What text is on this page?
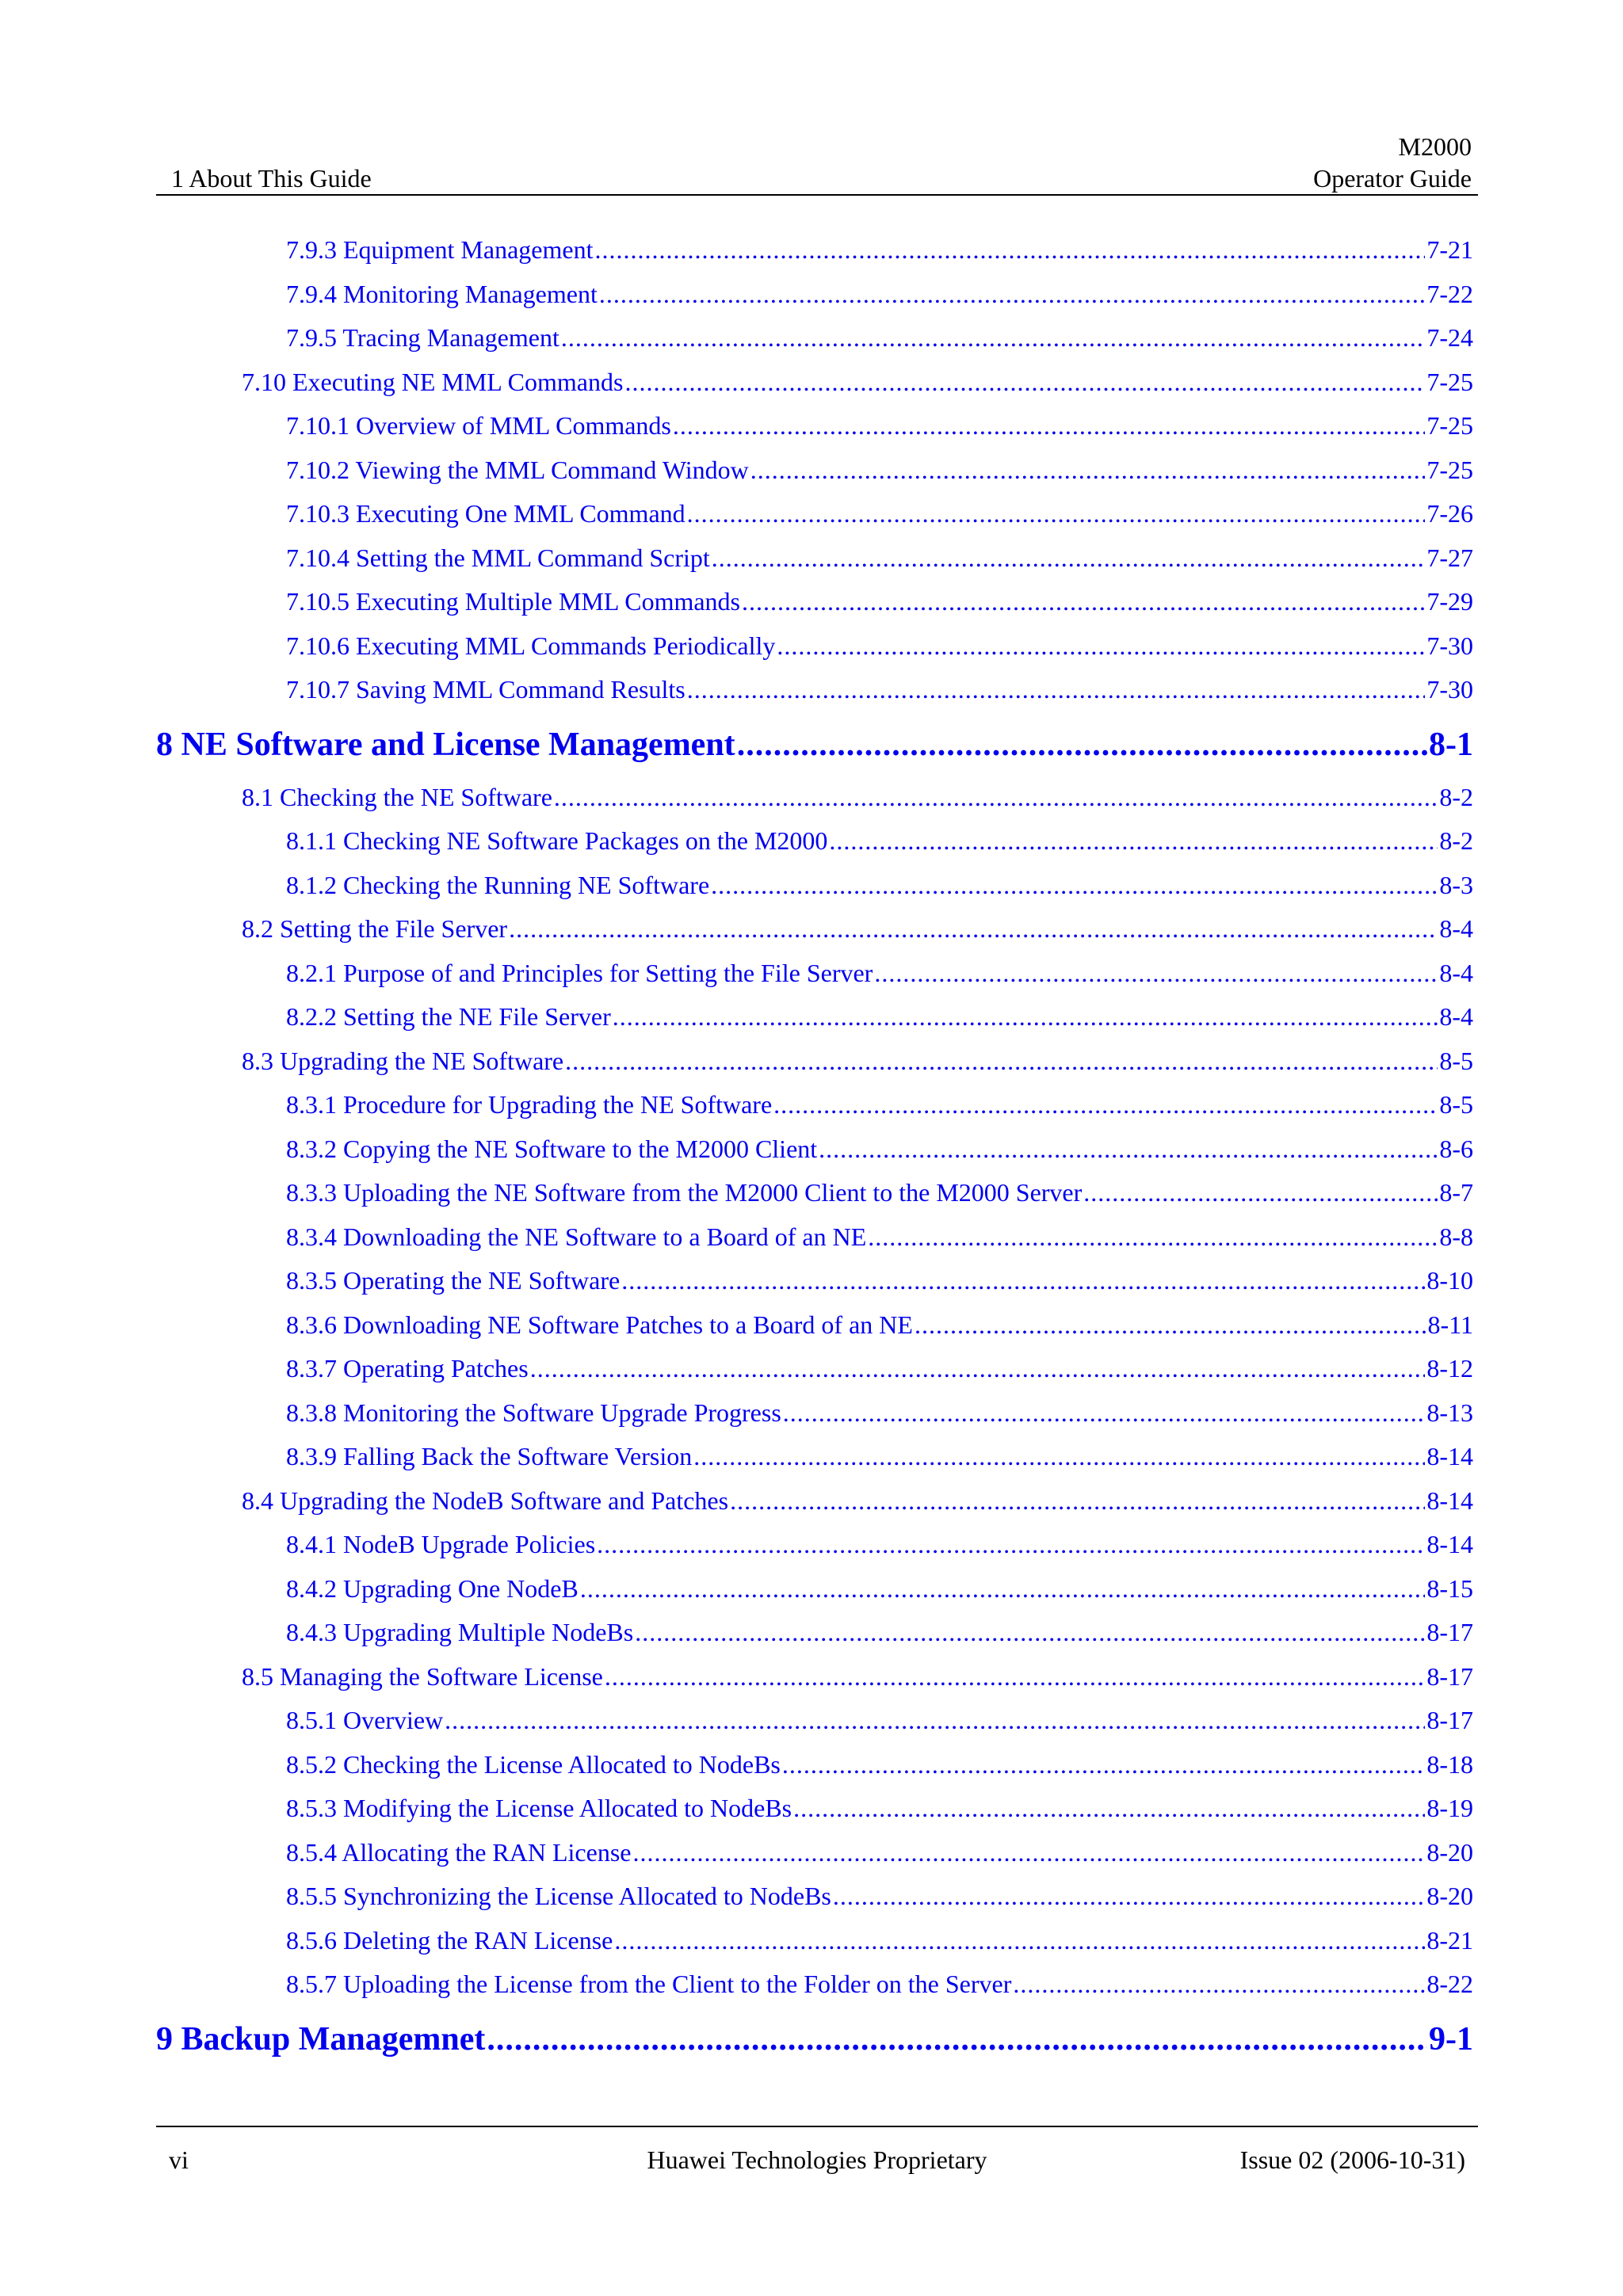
1 About This Guide
M2000
Operator Guide
7.9.3 Equipment Management .....	7-21
7.9.4 Monitoring Management .....	7-22
7.9.5 Tracing Management .....	7-24
7.10 Executing NE MML Commands .....	7-25
7.10.1 Overview of MML Commands .....	7-25
7.10.2 Viewing the MML Command Window .....	7-25
7.10.3 Executing One MML Command .....	7-26
7.10.4 Setting the MML Command Script .....	7-27
7.10.5 Executing Multiple MML Commands .....	7-29
7.10.6 Executing MML Commands Periodically .....	7-30
7.10.7 Saving MML Command Results .....	7-30
8 NE Software and License Management .....	8-1
8.1 Checking the NE Software .....	8-2
8.1.1 Checking NE Software Packages on the M2000 .....	8-2
8.1.2 Checking the Running NE Software .....	8-3
8.2 Setting the File Server .....	8-4
8.2.1 Purpose of and Principles for Setting the File Server .....	8-4
8.2.2 Setting the NE File Server .....	8-4
8.3 Upgrading the NE Software .....	8-5
8.3.1 Procedure for Upgrading the NE Software .....	8-5
8.3.2 Copying the NE Software to the M2000 Client .....	8-6
8.3.3 Uploading the NE Software from the M2000 Client to the M2000 Server .....	8-7
8.3.4 Downloading the NE Software to a Board of an NE .....	8-8
8.3.5 Operating the NE Software .....	8-10
8.3.6 Downloading NE Software Patches to a Board of an NE .....	8-11
8.3.7 Operating Patches .....	8-12
8.3.8 Monitoring the Software Upgrade Progress .....	8-13
8.3.9 Falling Back the Software Version .....	8-14
8.4 Upgrading the NodeB Software and Patches .....	8-14
8.4.1 NodeB Upgrade Policies .....	8-14
8.4.2 Upgrading One NodeB .....	8-15
8.4.3 Upgrading Multiple NodeBs .....	8-17
8.5 Managing the Software License .....	8-17
8.5.1 Overview .....	8-17
8.5.2 Checking the License Allocated to NodeBs .....	8-18
8.5.3 Modifying the License Allocated to NodeBs .....	8-19
8.5.4 Allocating the RAN License .....	8-20
8.5.5 Synchronizing the License Allocated to NodeBs .....	8-20
8.5.6 Deleting the RAN License .....	8-21
8.5.7 Uploading the License from the Client to the Folder on the Server .....	8-22
9 Backup Managemnet .....	9-1
vi	Huawei Technologies Proprietary	Issue 02 (2006-10-31)
